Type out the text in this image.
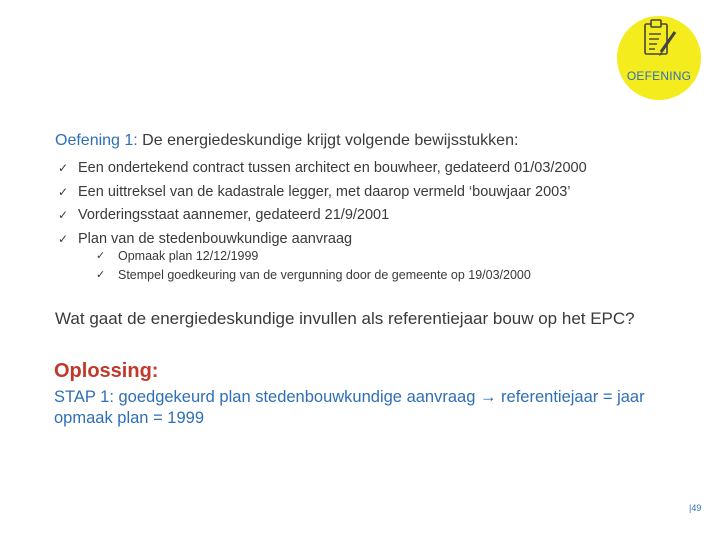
OEFENING
Oefening 1: De energiedeskundige krijgt volgende bewijsstukken:
✓ Een ondertekend contract tussen architect en bouwheer, gedateerd 01/03/2000
✓ Een uittreksel van de kadastrale legger, met daarop vermeld ‘bouwjaar 2003’
✓ Vorderingsstaat aannemer, gedateerd 21/9/2001
✓ Plan van de stedenbouwkundige aanvraag
✓ Opmaak plan 12/12/1999
✓ Stempel goedkeuring van de vergunning door de gemeente op 19/03/2000
Wat gaat de energiedeskundige invullen als referentiejaar bouw op het EPC?
Oplossing:
STAP 1: goedgekeurd plan stedenbouwkundige aanvraag → referentiejaar = jaar opmaak plan = 1999
|49
